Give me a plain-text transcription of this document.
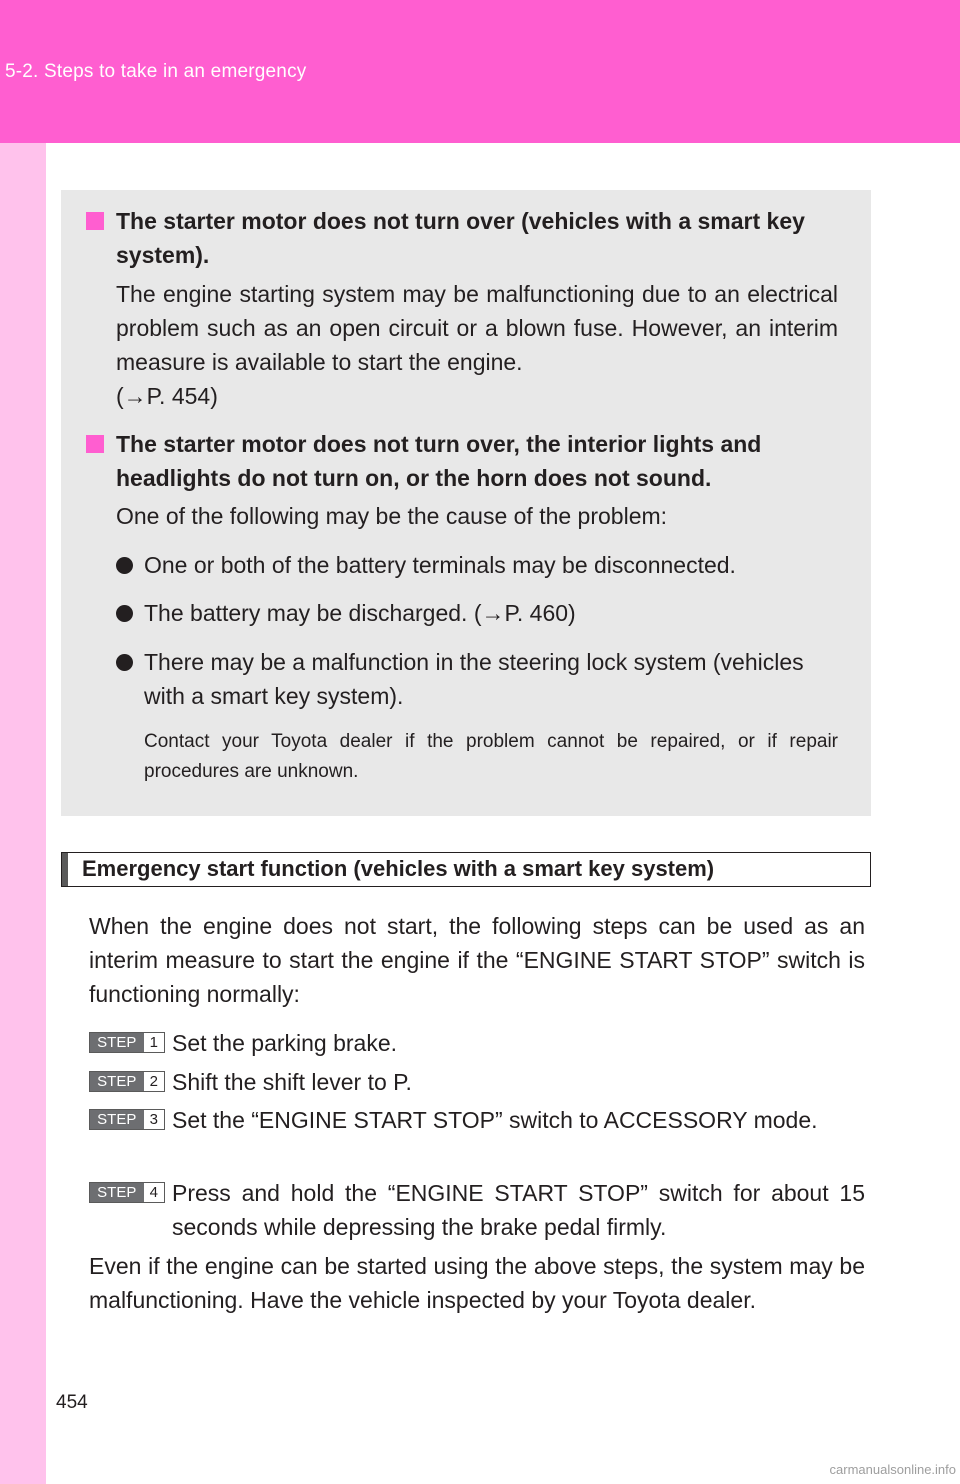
5-2. Steps to take in an emergency
The starter motor does not turn over (vehicles with a smart key system).
The engine starting system may be malfunctioning due to an electrical problem such as an open circuit or a blown fuse. However, an interim measure is available to start the engine.
(→P. 454)
The starter motor does not turn over, the interior lights and headlights do not turn on, or the horn does not sound.
One of the following may be the cause of the problem:
One or both of the battery terminals may be disconnected.
The battery may be discharged. (→P. 460)
There may be a malfunction in the steering lock system (vehicles with a smart key system).
Contact your Toyota dealer if the problem cannot be repaired, or if repair procedures are unknown.
Emergency start function (vehicles with a smart key system)
When the engine does not start, the following steps can be used as an interim measure to start the engine if the “ENGINE START STOP” switch is functioning normally:
STEP 1 Set the parking brake.
STEP 2 Shift the shift lever to P.
STEP 3 Set the “ENGINE START STOP” switch to ACCESSORY mode.
STEP 4 Press and hold the “ENGINE START STOP” switch for about 15 seconds while depressing the brake pedal firmly.
Even if the engine can be started using the above steps, the system may be malfunctioning. Have the vehicle inspected by your Toyota dealer.
454
carmanualsonline.info
